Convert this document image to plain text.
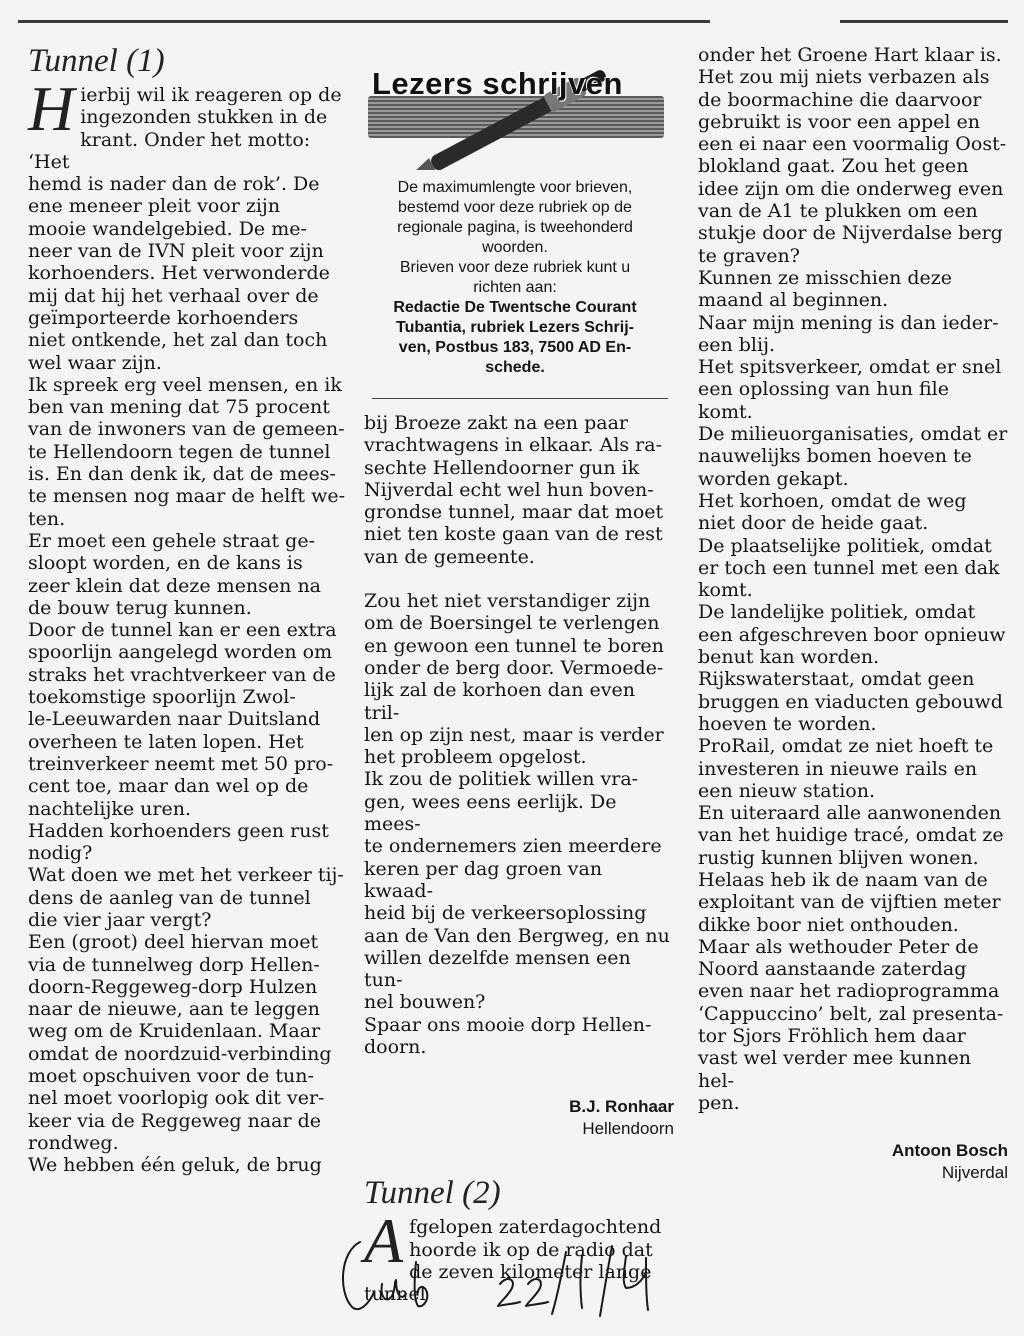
Tunnel (1)
H ierbij wil ik reageren op de
ingezonden stukken in de
krant. Onder het motto: ‘Het
hemd is nader dan de rok’. De
ene meneer pleit voor zijn
mooie wandelgebied. De me-
neer van de IVN pleit voor zijn
korhoenders. Het verwonderde
mij dat hij het verhaal over de
geïmporteerde korhoenders
niet ontkende, het zal dan toch
wel waar zijn.
Ik spreek erg veel mensen, en ik
ben van mening dat 75 procent
van de inwoners van de gemeen-
te Hellendoorn tegen de tunnel
is. En dan denk ik, dat de mees-
te mensen nog maar de helft we-
ten.
Er moet een gehele straat ge-
sloopt worden, en de kans is
zeer klein dat deze mensen na
de bouw terug kunnen.
Door de tunnel kan er een extra
spoorlijn aangelegd worden om
straks het vrachtverkeer van de
toekomstige spoorlijn Zwol-
le-Leeuwarden naar Duitsland
overheen te laten lopen. Het
treinverkeer neemt met 50 pro-
cent toe, maar dan wel op de
nachtelijke uren.
Hadden korhoenders geen rust
nodig?
Wat doen we met het verkeer tij-
dens de aanleg van de tunnel
die vier jaar vergt?
Een (groot) deel hiervan moet
via de tunnelweg dorp Hellen-
doorn-Reggeweg-dorp Hulzen
naar de nieuwe, aan te leggen
weg om de Kruidenlaan. Maar
omdat de noordzuid-verbinding
moet opschuiven voor de tun-
nel moet voorlopig ook dit ver-
keer via de Reggeweg naar de
rondweg.
We hebben één geluk, de brug

Lezers schrijven

De maximumlengte voor brieven,
bestemd voor deze rubriek op de
regionale pagina, is tweehonderd
woorden.

Brieven voor deze rubriek kunt u
richten aan:

Redactie De Twentsche Courant
Tubantia, rubriek Lezers Schrij-
ven, Postbus 183, 7500 AD En-
schede.

bij Broeze zakt na een paar
vrachtwagens in elkaar. Als ra-
sechte Hellendoorner gun ik
Nijverdal echt wel hun boven-
grondse tunnel, maar dat moet
niet ten koste gaan van de rest
van de gemeente.

Zou het niet verstandiger zijn
om de Boersingel te verlengen
en gewoon een tunnel te boren
onder de berg door. Vermoede-
lijk zal de korhoen dan even tril-
len op zijn nest, maar is verder
het probleem opgelost.
Ik zou de politiek willen vra-
gen, wees eens eerlijk. De mees-
te ondernemers zien meerdere
keren per dag groen van kwaad-
heid bij de verkeersoplossing
aan de Van den Bergweg, en nu
willen dezelfde mensen een tun-
nel bouwen?
Spaar ons mooie dorp Hellen-
doorn.

B.J. Ronhaar
Hellendoorn
Tunnel (2)
A fgelopen zaterdagochtend
hoorde ik op de radio dat
de zeven kilometer lange tunnel

onder het Groene Hart klaar is.
Het zou mij niets verbazen als
de boormachine die daarvoor
gebruikt is voor een appel en
een ei naar een voormalig Oost-
blokland gaat. Zou het geen
idee zijn om die onderweg even
van de A1 te plukken om een
stukje door de Nijverdalse berg
te graven?
Kunnen ze misschien deze
maand al beginnen.
Naar mijn mening is dan ieder-
een blij.
Het spitsverkeer, omdat er snel
een oplossing van hun file
komt.
De milieuorganisaties, omdat er
nauwelijks bomen hoeven te
worden gekapt.
Het korhoen, omdat de weg
niet door de heide gaat.
De plaatselijke politiek, omdat
er toch een tunnel met een dak
komt.
De landelijke politiek, omdat
een afgeschreven boor opnieuw
benut kan worden.
Rijkswaterstaat, omdat geen
bruggen en viaducten gebouwd
hoeven te worden.
ProRail, omdat ze niet hoeft te
investeren in nieuwe rails en
een nieuw station.
En uiteraard alle aanwonenden
van het huidige tracé, omdat ze
rustig kunnen blijven wonen.
Helaas heb ik de naam van de
exploitant van de vijftien meter
dikke boor niet onthouden.
Maar als wethouder Peter de
Noord aanstaande zaterdag
even naar het radioprogramma
‘Cappuccino’ belt, zal presenta-
tor Sjors Fröhlich hem daar
vast wel verder mee kunnen hel-
pen.

Antoon Bosch
Nijverdal
